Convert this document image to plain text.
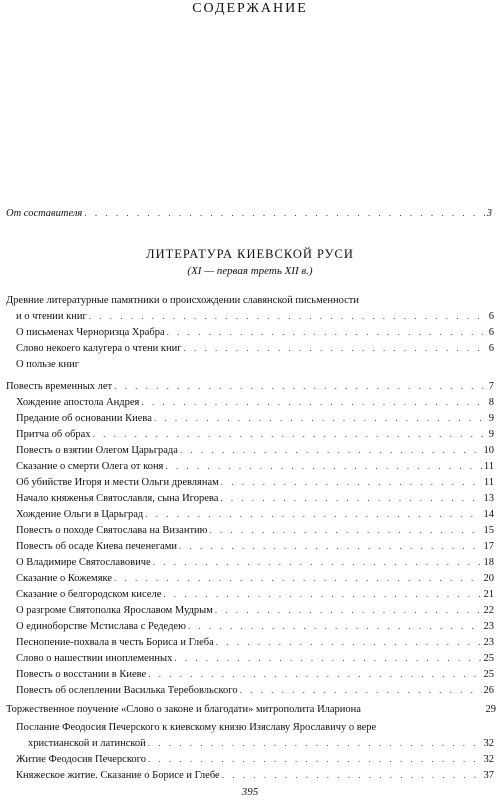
СОДЕРЖАНИЕ
От составителя . . .	3
ЛИТЕРАТУРА КИЕВСКОЙ РУСИ
(XI — первая треть XII в.)
Древние литературные памятники о происхождении славянской письменности
и о чтении книг . . .	6
О письменах Черноризца Храбра . . .	6
Слово некоего калугера о чтени книг . . .	6
О пользе книг
Повесть временных лет . . .	7
Хождение апостола Андрея . . .	8
Предание об основании Киева . . .	9
Притча об обрах . . .	9
Повесть о взятии Олегом Царьграда . . .	10
Сказание о смерти Олега от коня . . .	11
Об убийстве Игоря и мести Ольги древлянам . . .	11
Начало княженья Святославля, сына Игорева . . .	13
Хождение Ольги в Царьград . . .	14
Повесть о походе Святослава на Византию . . .	15
Повесть об осаде Киева печенегами . . .	17
О Владимире Святославовиче . . .	18
Сказание о Кожемяке . . .	20
Сказание о белгородском киселе . . .	21
О разгроме Святополка Ярославом Мудрым . . .	22
О единоборстве Мстислава с Редедею . . .	23
Песнопение-похвала в честь Бориса и Глеба . . .	23
Слово о нашествии иноплеменных . . .	25
Повесть о восстании в Киеве . . .	25
Повесть об ослеплении Василька Теребовльского . . .	26
Торжественное поучение «Слово о законе и благодати» митрополита Илариона	29
Послание Феодосия Печерского к киевскому князю Изяславу Ярославичу о вере
христианской и латинской . . .	32
Житие Феодосия Печерского . . .	32
Княжеское житие. Сказание о Борисе и Глебе . . .	37
395
